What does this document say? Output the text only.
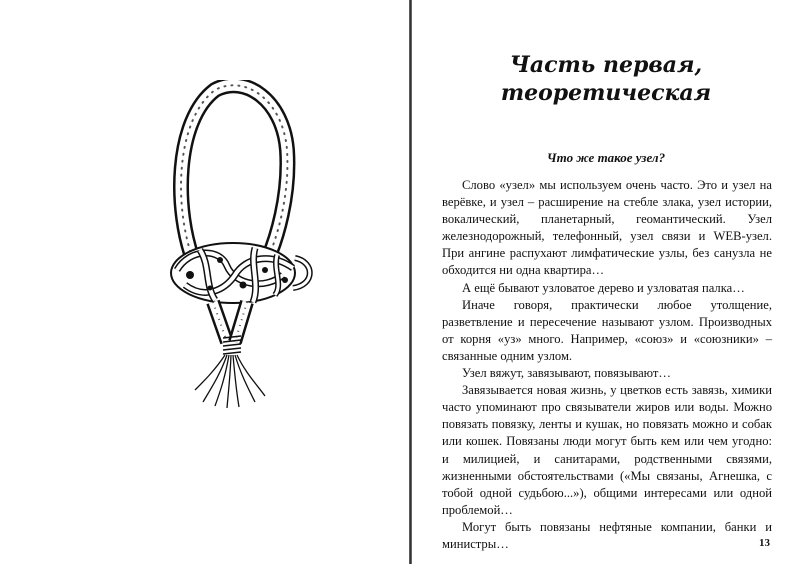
Часть первая,
теоретическая
Что же такое узел?

Слово «узел» мы используем очень часто. Это и узел на верёвке, и узел – расширение на стебле злака, узел истории, вокалический, планетарный, геомантический. Узел железнодорожный, телефонный, узел связи и WEB-узел. При ангине распухают лимфатические узлы, без санузла не обходится ни одна квартира…

А ещё бывают узловатое дерево и узловатая палка…

Иначе говоря, практически любое утолщение, разветвление и пересечение называют узлом. Производных от корня «уз» много. Например, «союз» и «союзники» – связанные одним узлом.

Узел вяжут, завязывают, повязывают…

Завязывается новая жизнь, у цветков есть завязь, химики часто упоминают про связыватели жиров или воды. Можно повязать повязку, ленты и кушак, но повязать можно и собак или кошек. Повязаны люди могут быть кем или чем угодно: и милицией, и санитарами, родственными связями, жизненными обстоятельствами («Мы связаны, Агнешка, с тобой одной судьбою...»), общими интересами или одной проблемой…

Могут быть повязаны нефтяные компании, банки и министры…	13
